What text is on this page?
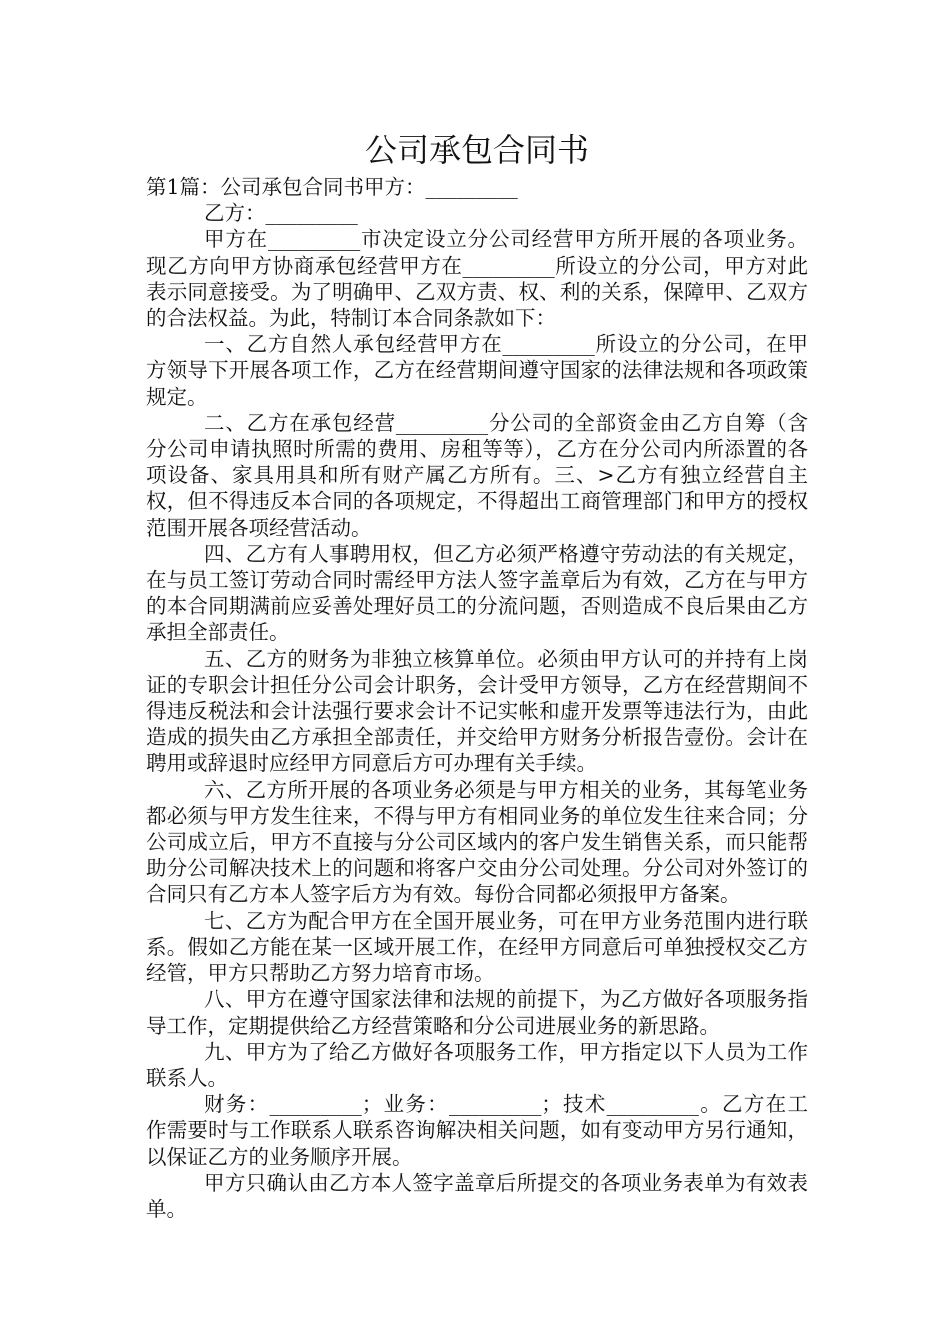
公司承包合同书

第1篇：公司承包合同书甲方：_________

乙方：_________

甲方在_________市决定设立分公司经营甲方所开展的各项业务。现乙方向甲方协商承包经营甲方在_________所设立的分公司，甲方对此表示同意接受。为了明确甲、乙双方责、权、利的关系，保障甲、乙双方的合法权益。为此，特制订本合同条款如下：

一、乙方自然人承包经营甲方在_________所设立的分公司，在甲方领导下开展各项工作，乙方在经营期间遵守国家的法律法规和各项政策规定。

二、乙方在承包经营_________分公司的全部资金由乙方自筹（含分公司申请执照时所需的费用、房租等等），乙方在分公司内所添置的各项设备、家具用具和所有财产属乙方所有。三、>乙方有独立经营自主权，但不得违反本合同的各项规定，不得超出工商管理部门和甲方的授权范围开展各项经营活动。

四、乙方有人事聘用权，但乙方必须严格遵守劳动法的有关规定，在与员工签订劳动合同时需经甲方法人签字盖章后为有效，乙方在与甲方的本合同期满前应妥善处理好员工的分流问题，否则造成不良后果由乙方承担全部责任。

五、乙方的财务为非独立核算单位。必须由甲方认可的并持有上岗证的专职会计担任分公司会计职务，会计受甲方领导，乙方在经营期间不得违反税法和会计法强行要求会计不记实帐和虚开发票等违法行为，由此造成的损失由乙方承担全部责任，并交给甲方财务分析报告壹份。会计在聘用或辞退时应经甲方同意后方可办理有关手续。

六、乙方所开展的各项业务必须是与甲方相关的业务，其每笔业务都必须与甲方发生往来，不得与甲方有相同业务的单位发生往来合同；分公司成立后，甲方不直接与分公司区域内的客户发生销售关系，而只能帮助分公司解决技术上的问题和将客户交由分公司处理。分公司对外签订的合同只有乙方本人签字后方为有效。每份合同都必须报甲方备案。

七、乙方为配合甲方在全国开展业务，可在甲方业务范围内进行联系。假如乙方能在某一区域开展工作，在经甲方同意后可单独授权交乙方经管，甲方只帮助乙方努力培育市场。

八、甲方在遵守国家法律和法规的前提下，为乙方做好各项服务指导工作，定期提供给乙方经营策略和分公司进展业务的新思路。

九、甲方为了给乙方做好各项服务工作，甲方指定以下人员为工作联系人。

财务：_________；业务：_________；技术_________。乙方在工作需要时与工作联系人联系咨询解决相关问题，如有变动甲方另行通知，以保证乙方的业务顺序开展。

甲方只确认由乙方本人签字盖章后所提交的各项业务表单为有效表单。
